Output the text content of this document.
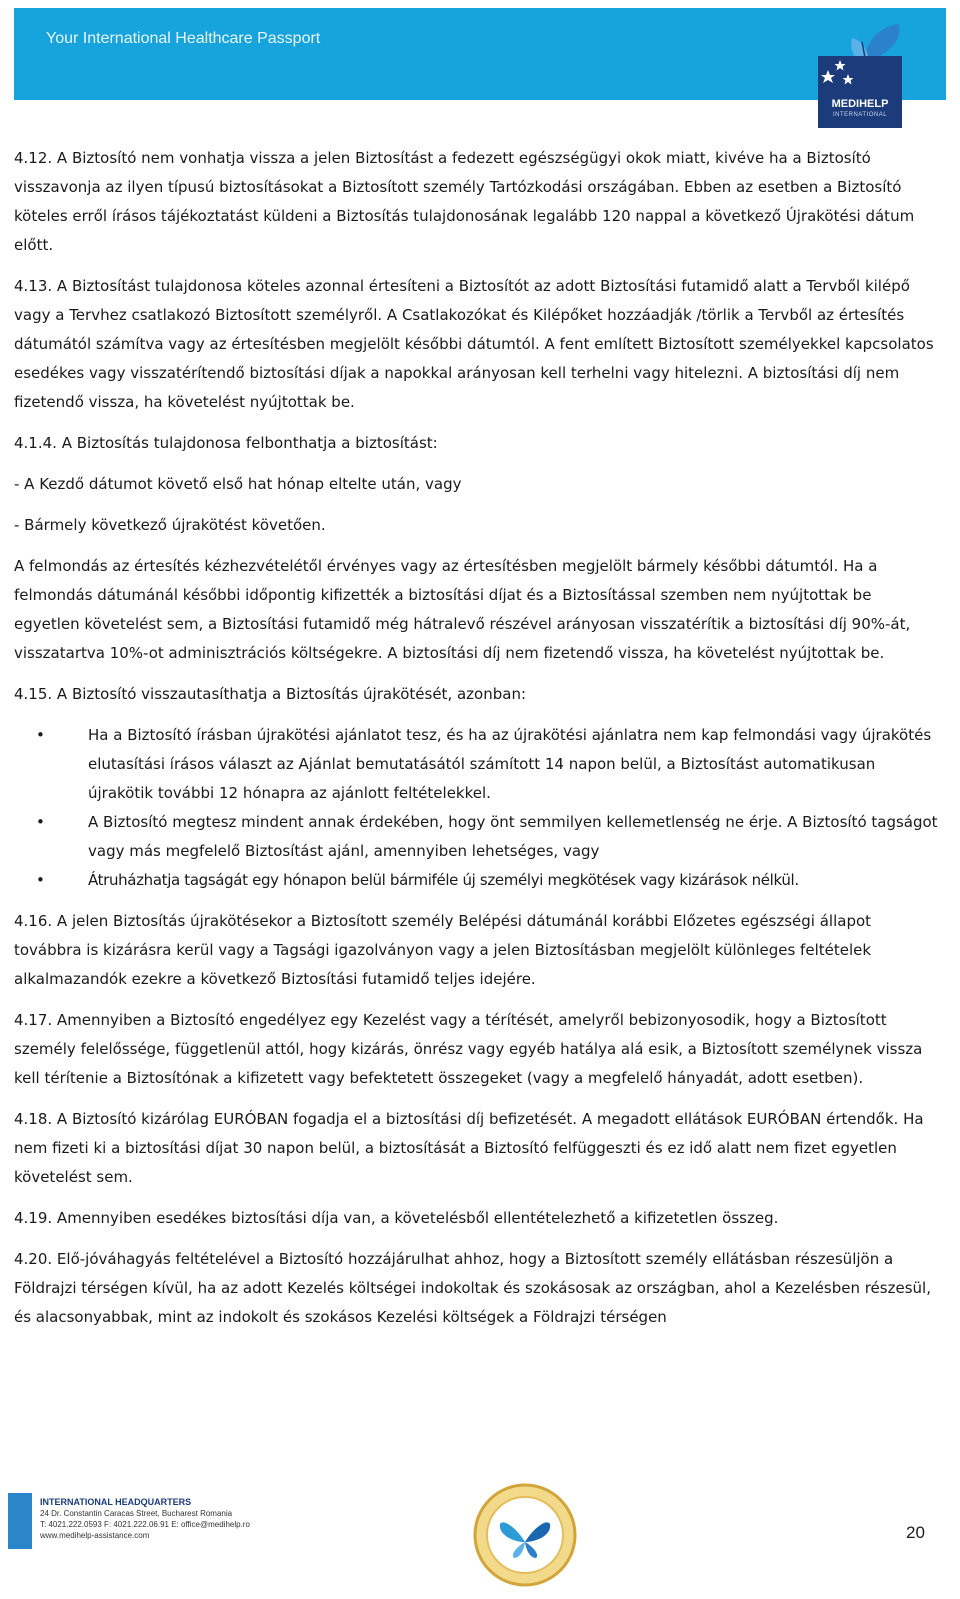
Your International Healthcare Passport
MEDIHELP
INTERNATIONAL

4.12. A Biztosító nem vonhatja vissza a jelen Biztosítást a fedezett egészségügyi okok miatt, kivéve ha a Biztosító visszavonja az ilyen típusú biztosításokat a Biztosított személy Tartózkodási országában. Ebben az esetben a Biztosító köteles erről írásos tájékoztatást küldeni a Biztosítás tulajdonosának legalább 120 nappal a következő Újrakötési dátum előtt.

4.13. A Biztosítást tulajdonosa köteles azonnal értesíteni a Biztosítót az adott Biztosítási futamidő alatt a Tervből kilépő vagy a Tervhez csatlakozó Biztosított személyről. A Csatlakozókat és Kilépőket hozzáadják /törlik a Tervből az értesítés dátumától számítva vagy az értesítésben megjelölt későbbi dátumtól. A fent említett Biztosított személyekkel kapcsolatos esedékes vagy visszatérítendő biztosítási díjak a napokkal arányosan kell terhelni vagy hitelezni. A biztosítási díj nem fizetendő vissza, ha követelést nyújtottak be.

4.1.4. A Biztosítás tulajdonosa felbonthatja a biztosítást:

- A Kezdő dátumot követő első hat hónap eltelte után, vagy

- Bármely következő újrakötést követően.

A felmondás az értesítés kézhezvételétől érvényes vagy az értesítésben megjelölt bármely későbbi dátumtól. Ha a felmondás dátumánál későbbi időpontig kifizették a biztosítási díjat és a Biztosítással szemben nem nyújtottak be egyetlen követelést sem, a Biztosítási futamidő még hátralevő részével arányosan visszatérítik a biztosítási díj 90%-át, visszatartva 10%-ot adminisztrációs költségekre. A biztosítási díj nem fizetendő vissza, ha követelést nyújtottak be.

4.15. A Biztosító visszautasíthatja a Biztosítás újrakötését, azonban:

•	Ha a Biztosító írásban újrakötési ajánlatot tesz, és ha az újrakötési ajánlatra nem kap felmondási vagy újrakötés elutasítási írásos választ az Ajánlat bemutatásától számított 14 napon belül, a Biztosítást automatikusan újrakötik további 12 hónapra az ajánlott feltételekkel.
•	A Biztosító megtesz mindent annak érdekében, hogy önt semmilyen kellemetlenség ne érje. A Biztosító tagságot vagy más megfelelő Biztosítást ajánl, amennyiben lehetséges, vagy
•	Átruházhatja tagságát egy hónapon belül bármiféle új személyi megkötések vagy kizárások nélkül.

4.16. A jelen Biztosítás újrakötésekor a Biztosított személy Belépési dátumánál korábbi Előzetes egészségi állapot továbbra is kizárásra kerül vagy a Tagsági igazolványon vagy a jelen Biztosításban megjelölt különleges feltételek alkalmazandók ezekre a következő Biztosítási futamidő teljes idejére.

4.17. Amennyiben a Biztosító engedélyez egy Kezelést vagy a térítését, amelyről bebizonyosodik, hogy a Biztosított személy felelőssége, függetlenül attól, hogy kizárás, önrész vagy egyéb hatálya alá esik, a Biztosított személynek vissza kell térítenie a Biztosítónak a kifizetett vagy befektetett összegeket (vagy a megfelelő hányadát, adott esetben).

4.18. A Biztosító kizárólag EURÓBAN fogadja el a biztosítási díj befizetését. A megadott ellátások EURÓBAN értendők. Ha nem fizeti ki a biztosítási díjat 30 napon belül, a biztosítását a Biztosító felfüggeszti és ez idő alatt nem fizet egyetlen követelést sem.

4.19. Amennyiben esedékes biztosítási díja van, a követelésből ellentételezhető a kifizetetlen összeg.

4.20. Elő-jóváhagyás feltételével a Biztosító hozzájárulhat ahhoz, hogy a Biztosított személy ellátásban részesüljön a Földrajzi térségen kívül, ha az adott Kezelés költségei indokoltak és szokásosak az országban, ahol a Kezelésben részesül, és alacsonyabbak, mint az indokolt és szokásos Kezelési költségek a Földrajzi térségen

INTERNATIONAL HEADQUARTERS
24 Dr. Constantin Caracas Street, Bucharest Romania
T: 4021.222.0593 F: 4021.222.06.91 E: office@medihelp.ro
www.medihelp-assistance.com	20
